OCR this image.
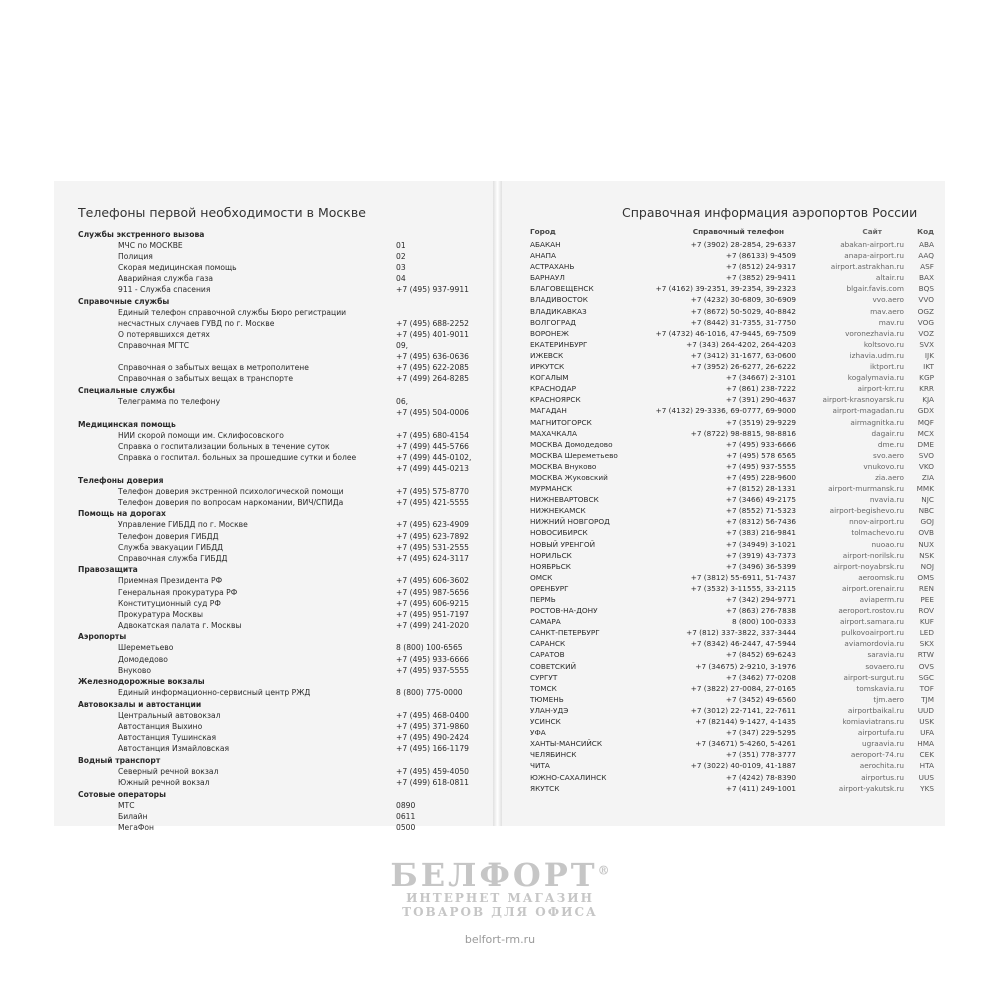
Телефоны первой необходимости в Москве
Службы экстренного вызова
МЧС по МОСКВЕ	01
Полиция	02
Скорая медицинская помощь	03
Аварийная служба газа	04
911 - Служба спасения	+7 (495) 937-9911
Справочные службы
Единый телефон справочной службы Бюро регистрации
несчастных случаев ГУВД по г. Москве	+7 (495) 688-2252
О потерявшихся детях	+7 (495) 401-9011
Справочная МГТС	09,
+7 (495) 636-0636
Справочная о забытых вещах в метрополитене	+7 (495) 622-2085
Справочная о забытых вещах в транспорте	+7 (499) 264-8285
Специальные службы
Телеграмма по телефону	06,
+7 (495) 504-0006
Медицинская помощь
НИИ скорой помощи им. Склифосовского	+7 (495) 680-4154
Справка о госпитализации больных в течение суток	+7 (499) 445-5766
Справка о госпитал. больных за прошедшие сутки и более	+7 (499) 445-0102,
+7 (499) 445-0213
Телефоны доверия
Телефон доверия экстренной психологической помощи	+7 (495) 575-8770
Телефон доверия по вопросам наркомании, ВИЧ/СПИДа	+7 (495) 421-5555
Помощь на дорогах
Управление ГИБДД по г. Москве	+7 (495) 623-4909
Телефон доверия ГИБДД	+7 (495) 623-7892
Служба эвакуации ГИБДД	+7 (495) 531-2555
Справочная служба ГИБДД	+7 (495) 624-3117
Правозащита
Приемная Президента РФ	+7 (495) 606-3602
Генеральная прокуратура РФ	+7 (495) 987-5656
Конституционный суд РФ	+7 (495) 606-9215
Прокуратура Москвы	+7 (495) 951-7197
Адвокатская палата г. Москвы	+7 (499) 241-2020
Аэропорты
Шереметьево	8 (800) 100-6565
Домодедово	+7 (495) 933-6666
Внуково	+7 (495) 937-5555
Железнодорожные вокзалы
Единый информационно-сервисный центр РЖД	8 (800) 775-0000
Автовокзалы и автостанции
Центральный автовокзал	+7 (495) 468-0400
Автостанция Выхино	+7 (495) 371-9860
Автостанция Тушинская	+7 (495) 490-2424
Автостанция Измайловская	+7 (495) 166-1179
Водный транспорт
Северный речной вокзал	+7 (495) 459-4050
Южный речной вокзал	+7 (499) 618-0811
Сотовые операторы
МТС	0890
Билайн	0611
МегаФон	0500
Справочная информация аэропортов России
Город	Справочный телефон	Сайт	Код
АБАКАН	+7 (3902) 28-2854, 29-6337	abakan-airport.ru ABA
АНАПА	+7 (86133) 9-4509	anapa-airport.ru AAQ
АСТРАХАНЬ	+7 (8512) 24-9317	airport.astrakhan.ru ASF
БАРНАУЛ	+7 (3852) 29-9411	altair.ru BAX
БЛАГОВЕЩЕНСК	+7 (4162) 39-2351, 39-2354, 39-2323	blgair.favis.com BQS
ВЛАДИВОСТОК	+7 (4232) 30-6809, 30-6909	vvo.aero VVO
ВЛАДИКАВКАЗ	+7 (8672) 50-5029, 40-8842	mav.aero OGZ
ВОЛГОГРАД	+7 (8442) 31-7355, 31-7750	mav.ru VOG
ВОРОНЕЖ	+7 (4732) 46-1016, 47-9445, 69-7509	voronezhavia.ru VOZ
ЕКАТЕРИНБУРГ	+7 (343) 264-4202, 264-4203	koltsovo.ru SVX
ИЖЕВСК	+7 (3412) 31-1677, 63-0600	izhavia.udm.ru	IJK
ИРКУТСК	+7 (3952) 26-6277, 26-6222	iktport.ru	IKT
КОГАЛЫМ	+7 (34667) 2-3101	kogalymavia.ru KGP
КРАСНОДАР	+7 (861) 238-7222	airport-krr.ru KRR
КРАСНОЯРСК	+7 (391) 290-4637	airport-krasnoyarsk.ru KJA
МАГАДАН	+7 (4132) 29-3336, 69-0777, 69-9000	airport-magadan.ru GDX
МАГНИТОГОРСК	+7 (3519) 29-9229	airmagnitka.ru MQF
МАХАЧКАЛА	+7 (8722) 98-8815, 98-8816	dagair.ru MCX
МОСКВА Домодедово	+7 (495) 933-6666	dme.ru DME
МОСКВА Шереметьево	+7 (495) 578 6565	svo.aero SVO
МОСКВА Внуково	+7 (495) 937-5555	vnukovo.ru VKO
МОСКВА Жуковский	+7 (495) 228-9600	zia.aero ZIA
МУРМАНСК	+7 (8152) 28-1331	airport-murmansk.ru MMK
НИЖНЕВАРТОВСК	+7 (3466) 49-2175	nvavia.ru NJC
НИЖНЕКАМСК	+7 (8552) 71-5323	airport-begishevo.ru NBC
НИЖНИЙ НОВГОРОД	+7 (8312) 56-7436	nnov-airport.ru GOJ
НОВОСИБИРСК	+7 (383) 216-9841	tolmachevo.ru OVB
НОВЫЙ УРЕНГОЙ	+7 (34949) 3-1021	nuoao.ru NUX
НОРИЛЬСК	+7 (3919) 43-7373	airport-norilsk.ru NSK
НОЯБРЬСК	+7 (3496) 36-5399	airport-noyabrsk.ru NOJ
ОМСК	+7 (3812) 55-6911, 51-7437	aeroomsk.ru OMS
ОРЕНБУРГ	+7 (3532) 3-11555, 33-2115	airport.orenair.ru REN
ПЕРМЬ	+7 (342) 294-9771	aviaperm.ru PEE
РОСТОВ-НА-ДОНУ	+7 (863) 276-7838	aeroport.rostov.ru ROV
САМАРА	8 (800) 100-0333	airport.samara.ru KUF
САНКТ-ПЕТЕРБУРГ	+7 (812) 337-3822, 337-3444	pulkovoairport.ru LED
САРАНСК	+7 (8342) 46-2447, 47-5944	aviamordovia.ru SKX
САРАТОВ	+7 (8452) 69-6243	saravia.ru RTW
СОВЕТСКИЙ	+7 (34675) 2-9210, 3-1976	sovaero.ru OVS
СУРГУТ	+7 (3462) 77-0208	airport-surgut.ru SGC
ТОМСК	+7 (3822) 27-0084, 27-0165	tomskavia.ru TOF
ТЮМЕНЬ	+7 (3452) 49-6560	tjm.aero TJM
УЛАН-УДЭ	+7 (3012) 22-7141, 22-7611	airportbaikal.ru UUD
УСИНСК	+7 (82144) 9-1427, 4-1435	komiaviatrans.ru USK
УФА	+7 (347) 229-5295	airportufa.ru UFA
ХАНТЫ-МАНСИЙСК	+7 (34671) 5-4260, 5-4261	ugraavia.ru HMA
ЧЕЛЯБИНСК	+7 (351) 778-3777	aeroport-74.ru CEK
ЧИТА	+7 (3022) 40-0109, 41-1887	aerochita.ru HTA
ЮЖНО-САХАЛИНСК	+7 (4242) 78-8390	airportus.ru UUS
ЯКУТСК	+7 (411) 249-1001	airport-yakutsk.ru YKS
БЕЛФОРТ®
ИНТЕРНЕТ МАГАЗИН
ТОВАРОВ ДЛЯ ОФИСА
belfort-rm.ru
